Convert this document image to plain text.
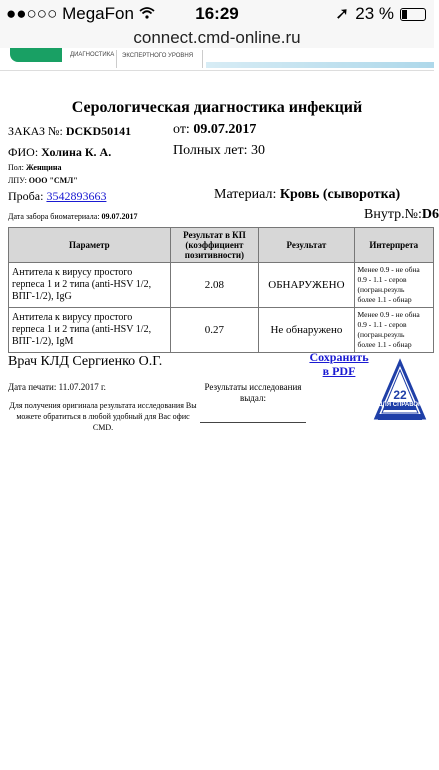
●●○○○ MegaFon	16:29	➚ 23 %
connect.cmd-online.ru
ДИАГНОСТИКА ЭКСПЕРТНОГО УРОВНЯ
Серологическая диагностика инфекций
ЗАКАЗ №: DCKD50141	от: 09.07.2017
ФИО: Холина К. А.	Полных лет: 30
Пол: Женщина
ЛПУ: ООО "СМЛ"
Проба: 3542893663	Материал: Кровь (сыворотка)
Дата забора биоматериала: 09.07.2017	Внутр.№:D6
Параметр	Результат в КП (коэффициент позитивности)	Результат	Интерпрета
Антитела к вирусу простого герпеса 1 и 2 типа (anti-HSV 1/2, ВПГ-1/2), IgG	2.08	ОБНАРУЖЕНО	Менее 0.9 - не обна
0.9 - 1.1 - серов
(погран.резуль
более 1.1 - обнар

Антитела к вирусу простого герпеса 1 и 2 типа (anti-HSV 1/2, ВПГ-1/2), IgM	0.27	Не обнаружено	Менее 0.9 - не обна
0.9 - 1.1 - серов
(погран.резуль
более 1.1 - обнар
Врач КЛД Сергиенко О.Г.	Сохранить в PDF
Дата печати: 11.07.2017 г.	Результаты исследования выдал:
Для получения оригинала результата исследования Вы можете обратиться в любой удобный для Вас офис CMD.
22
ДЛЯ СПРАВОК
